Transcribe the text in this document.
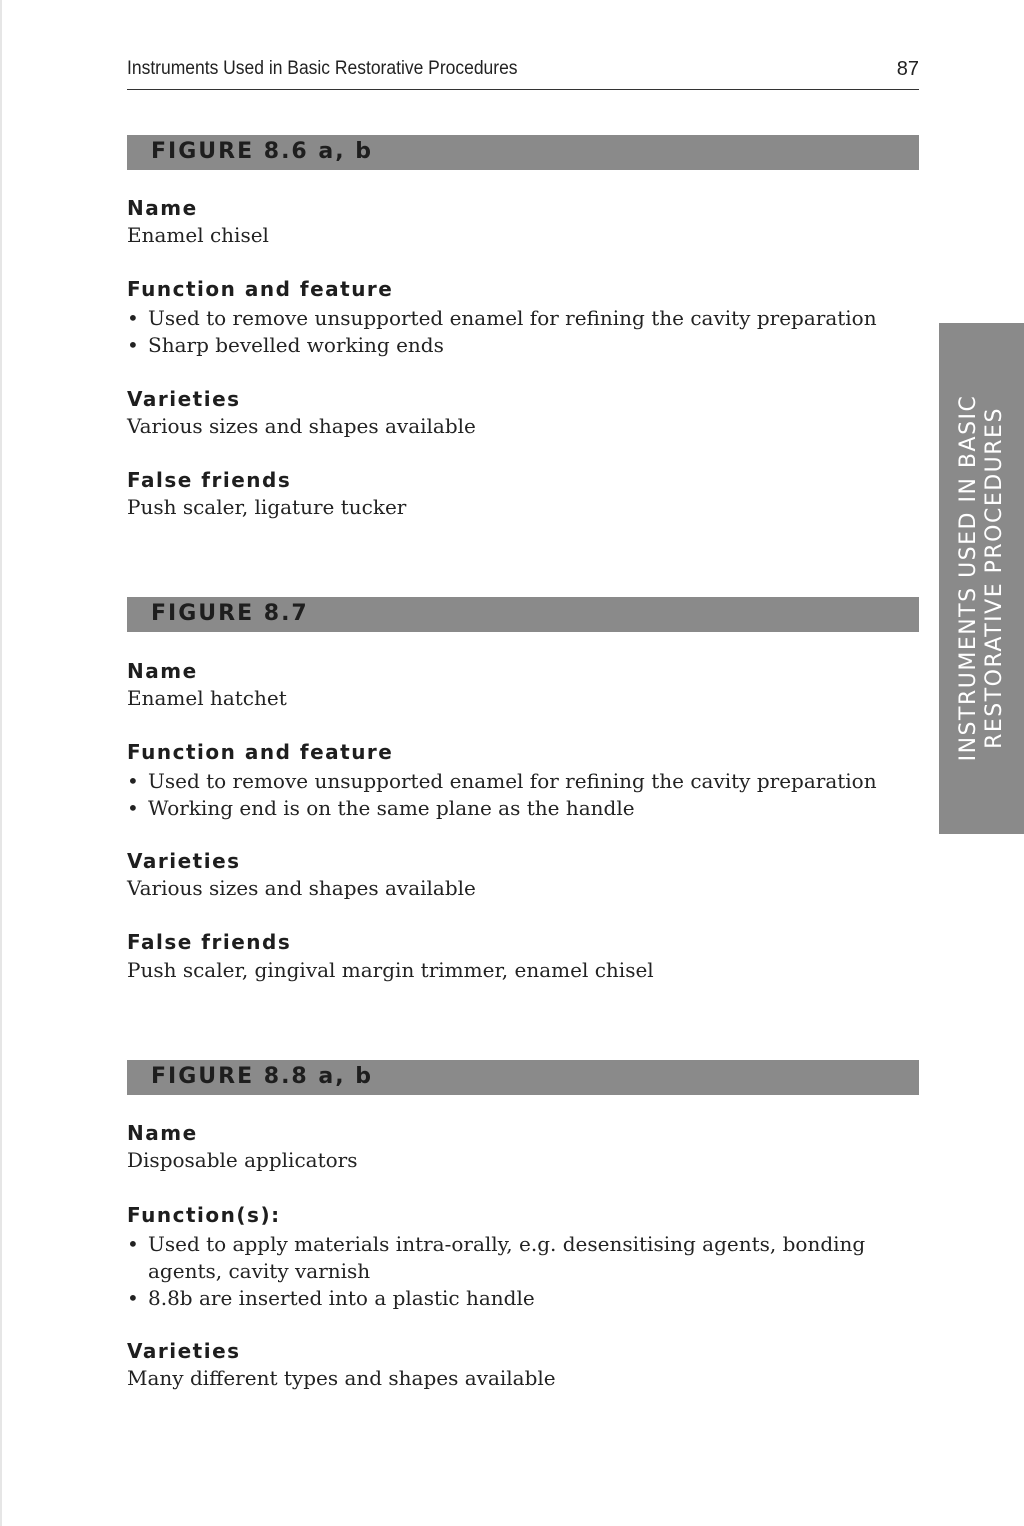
Instruments Used in Basic Restorative Procedures	87
FIGURE 8.6 a, b
Name
Enamel chisel
Function and feature
• Used to remove unsupported enamel for refining the cavity preparation
• Sharp bevelled working ends
Varieties
Various sizes and shapes available
False friends
Push scaler, ligature tucker
FIGURE 8.7
Name
Enamel hatchet
Function and feature
• Used to remove unsupported enamel for refining the cavity preparation
• Working end is on the same plane as the handle
Varieties
Various sizes and shapes available
False friends
Push scaler, gingival margin trimmer, enamel chisel
FIGURE 8.8 a, b
Name
Disposable applicators
Function(s):
• Used to apply materials intra-orally, e.g. desensitising agents, bonding agents, cavity varnish
• 8.8b are inserted into a plastic handle
Varieties
Many different types and shapes available
INSTRUMENTS USED IN BASIC RESTORATIVE PROCEDURES
